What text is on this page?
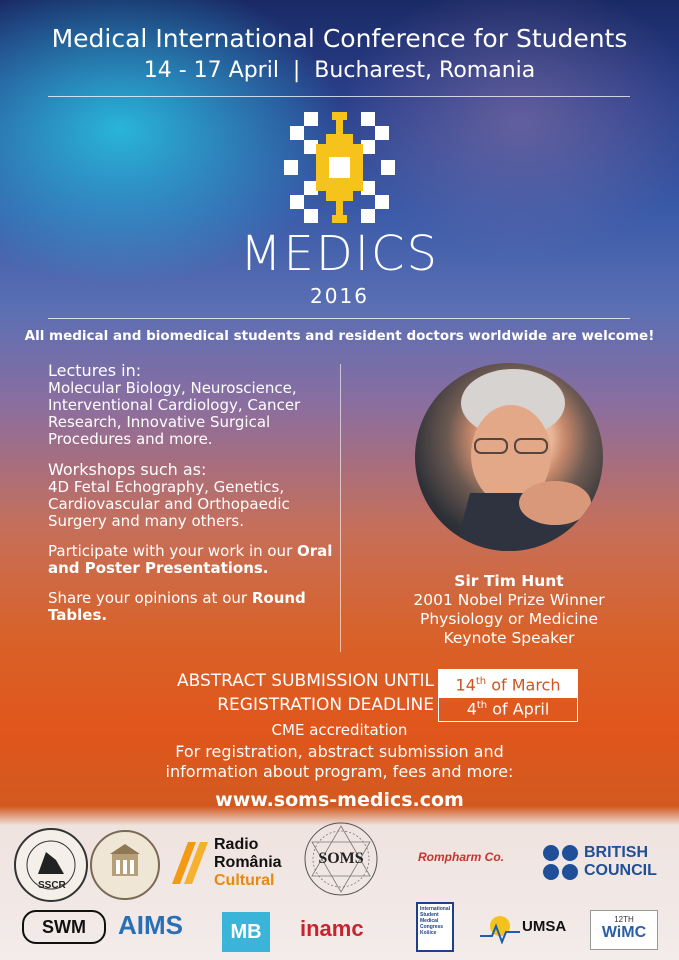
Medical International Conference for Students
14 - 17 April  |  Bucharest, Romania
MEDICS
2016
All medical and biomedical students and resident doctors worldwide are welcome!

Lectures in:
Molecular Biology, Neuroscience, Interventional Cardiology, Cancer Research, Innovative Surgical Procedures and more.

Workshops such as:
4D Fetal Echography, Genetics, Cardiovascular and Orthopaedic Surgery and many others.

Participate with your work in our Oral and Poster Presentations.

Share your opinions at our Round Tables.

Sir Tim Hunt
2001 Nobel Prize Winner
Physiology or Medicine
Keynote Speaker
ABSTRACT SUBMISSION UNTIL	14th of March
REGISTRATION DEADLINE	4th of April
CME accreditation
For registration, abstract submission and
information about program, fees and more:
www.soms-medics.com
SSCR
Radio
România
Cultural
SOMS	Rompharm Co.	BRITISH
COUNCIL
SWM	AIMS	MB	inamc
International
Student
Medical
Congress
Košice	UMSA	12TH
WiMC
